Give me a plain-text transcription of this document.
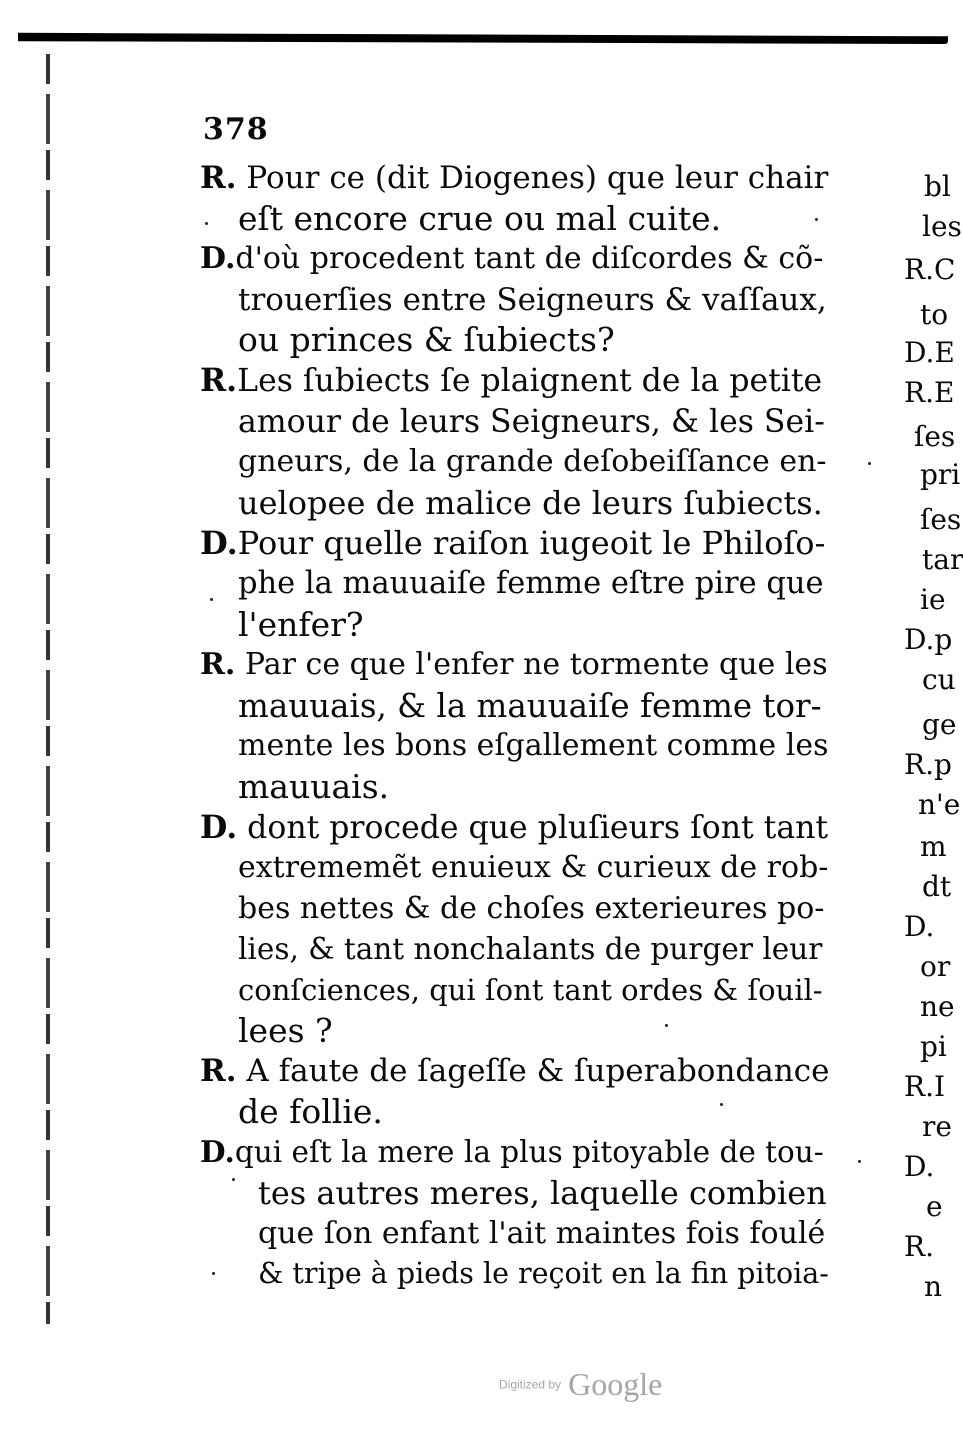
378
R. Pour ce (dit Diogenes) que leur chair
eſt encore crue ou mal cuite.
D.d'où procedent tant de diſcordes & cõ-
trouerſies entre Seigneurs & vaſſaux,
ou princes & ſubiects?
R.Les ſubiects ſe plaignent de la petite
amour de leurs Seigneurs, & les Sei-
gneurs, de la grande deſobeiſſance en-
uelopee de malice de leurs ſubiects.
D.Pour quelle raiſon iugeoit le Philoſo-
phe la mauuaiſe femme eſtre pire que
l'enfer?
R. Par ce que l'enfer ne tormente que les
mauuais, & la mauuaiſe femme tor-
mente les bons eſgallement comme les
mauuais.
D. dont procede que pluſieurs ſont tant
extrememẽt enuieux & curieux de rob-
bes nettes & de choſes exterieures po-
lies, & tant nonchalants de purger leur
conſciences, qui ſont tant ordes & ſouil-
lees ?
R. A faute de ſageſſe & ſuperabondance
de follie.
D.qui eſt la mere la plus pitoyable de tou-
tes autres meres, laquelle combien
que ſon enfant l'ait maintes fois foulé
& tripe à pieds le reçoit en la fin pitoia-
bl
les
R.C
to
D.E
R.E
ſes
pri
ſes
tar
ie
D.p
cu
ge
R.p
n'e
m
dt
D.
or
ne
pi
R.I
re
D.
e
R.
n
Digitized by Google
